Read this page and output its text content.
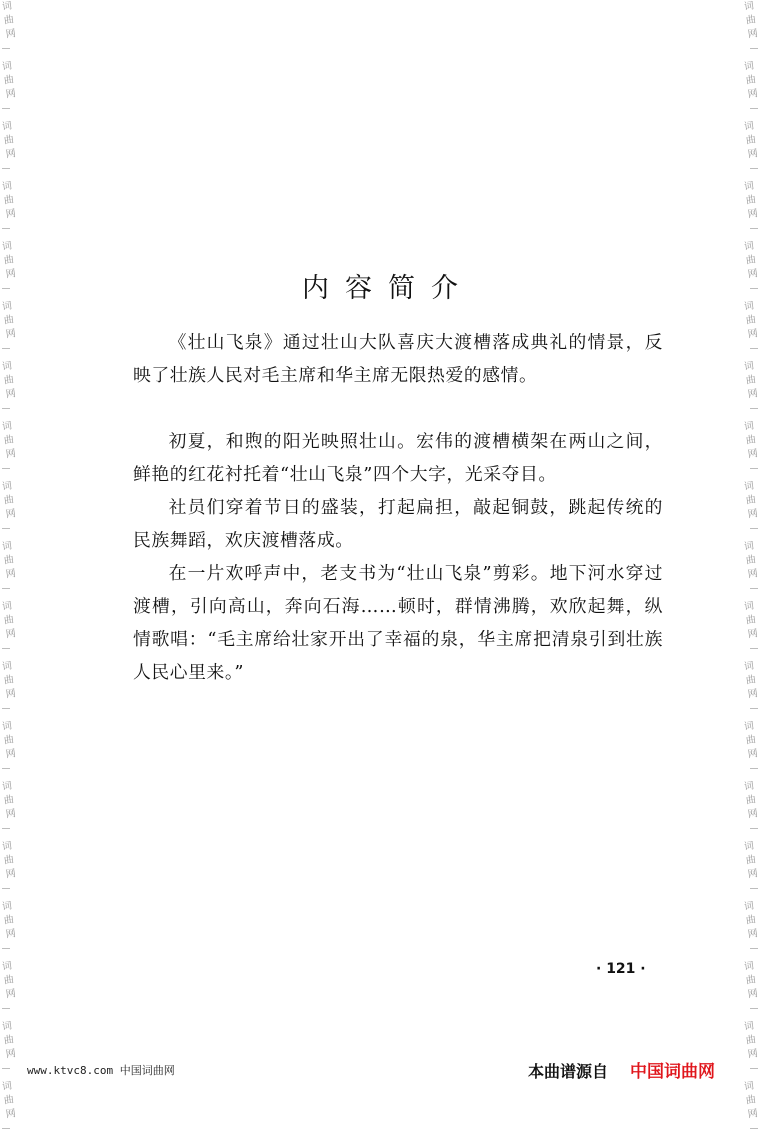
词
曲
网
词
曲
网
词
曲
网
词
曲
网
词
曲
网
词
曲
网
词
曲
网
词
曲
网
词
曲
网
词
曲
网
词
曲
网
词
曲
网
词
曲
网
词
曲
网
词
曲
网
词
曲
网
词
曲
网
词
曲
网
词
曲
网
词
曲
网
词
曲
网
词
曲
网
词
曲
网
词
曲
网
词
曲
网
词
曲
网
词
曲
网
词
曲
网
词
曲
网
词
曲
网
词
曲
网
词
曲
网
词
曲
网
词
曲
网
词
曲
网
词
曲
网
词
曲
网
词
曲
网
内容简介

《壮山飞泉》通过壮山大队喜庆大渡槽落成典礼的情景，反映了壮族人民对毛主席和华主席无限热爱的感情。

初夏，和煦的阳光映照壮山。宏伟的渡槽横架在两山之间，鲜艳的红花衬托着“壮山飞泉”四个大字，光采夺目。

社员们穿着节日的盛装，打起扁担，敲起铜鼓，跳起传统的民族舞蹈，欢庆渡槽落成。

在一片欢呼声中，老支书为“壮山飞泉”剪彩。地下河水穿过渡槽，引向高山，奔向石海……顿时，群情沸腾，欢欣起舞，纵情歌唱：“毛主席给壮家开出了幸福的泉，华主席把清泉引到壮族人民心里来。”

· 121 ·
www.ktvc8.com 中国词曲网	本曲谱源自 中国词曲网
